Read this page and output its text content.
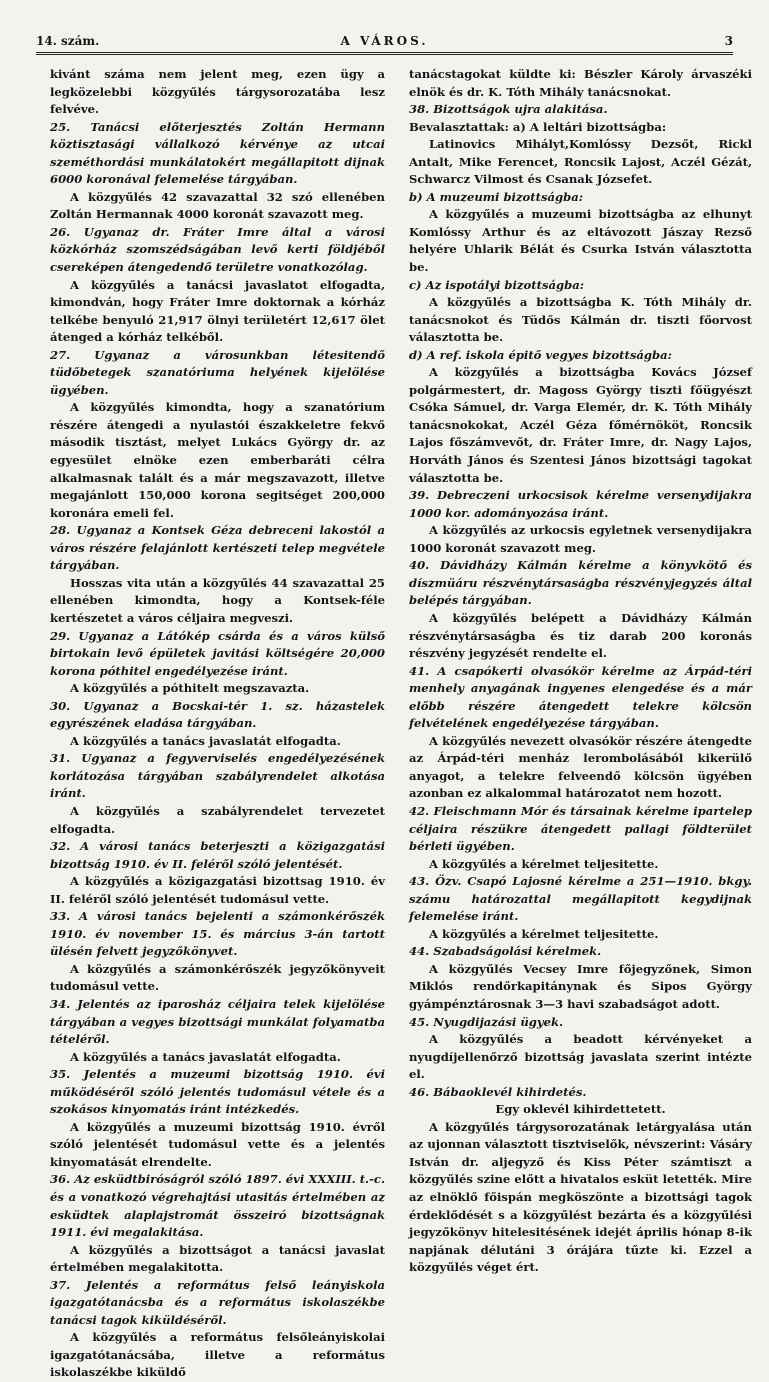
14. szám.	A VÁROS.	3

kivánt száma nem jelent meg, ezen ügy a legközelebbi közgyűlés tárgysorozatába lesz felvéve.

25. Tanácsi előterjesztés Zoltán Hermann köztisztasági vállalkozó kérvénye az utcai szeméthordási munkálatokért megállapitott dijnak 6000 koronával felemelése tárgyában.

A közgyűlés 42 szavazattal 32 szó ellenében Zoltán Hermannak 4000 koronát szavazott meg.

26. Ugyanaz dr. Fráter Imre által a városi közkórház szomszédságában levő kerti földjéből csereképen átengedendő területre vonatkozólag.

A közgyűlés a tanácsi javaslatot elfogadta, kimondván, hogy Fráter Imre doktornak a kórház telkébe benyuló 21,917 ölnyi területért 12,617 ölet átenged a kórház telkéből.

27. Ugyanaz a városunkban létesitendő tüdőbetegek szanatóriuma helyének kijelölése ügyében.

A közgyűlés kimondta, hogy a szanatórium részére átengedi a nyulastói északkeletre fekvő második tisztást, melyet Lukács György dr. az egyesület elnöke ezen emberbaráti célra alkalmasnak talált és a már megszavazott, illetve megajánlott 150,000 korona segitséget 200,000 koronára emeli fel.

28. Ugyanaz a Kontsek Géza debreceni lakostól a város részére felajánlott kertészeti telep megvétele tárgyában.

Hosszas vita után a közgyűlés 44 szavazattal 25 ellenében kimondta, hogy a Kontsek-féle kertészetet a város céljaira megveszi.

29. Ugyanaz a Látókép csárda és a város külső birtokain levő épületek javitási költségére 20,000 korona póthitel engedélyezése iránt.

A közgyűlés a póthitelt megszavazta.

30. Ugyanaz a Bocskai-tér 1. sz. házastelek egyrészének eladása tárgyában.

A közgyűlés a tanács javaslatát elfogadta.

31. Ugyanaz a fegyverviselés engedélyezésének korlátozása tárgyában szabályrendelet alkotása iránt.

A közgyűlés a szabályrendelet tervezetet elfogadta.

32. A városi tanács beterjeszti a közigazgatási bizottság 1910. év II. feléről szóló jelentését.

A közgyűlés a közigazgatási bizottsag 1910. év II. feléről szóló jelentését tudomásul vette.

33. A városi tanács bejelenti a számonkérőszék 1910. év november 15. és március 3-án tartott ülésén felvett jegyzőkönyvet.

A közgyűlés a számonkérőszék jegyzőkönyveit tudomásul vette.

34. Jelentés az iparosház céljaira telek kijelölése tárgyában a vegyes bizottsági munkálat folyamatba tételéről.

A közgyűlés a tanács javaslatát elfogadta.

35. Jelentés a muzeumi bizottság 1910. évi működéséről szóló jelentés tudomásul vétele és a szokásos kinyomatás iránt intézkedés.

A közgyűlés a muzeumi bizottság 1910. évről szóló jelentését tudomásul vette és a jelentés kinyomatását elrendelte.

36. Az esküdtbiróságról szóló 1897. évi XXXIII. t.-c. és a vonatkozó végrehajtási utasitás értelmében az esküdtek alaplajstromát összeiró bizottságnak 1911. évi megalakitása.

A közgyűlés a bizottságot a tanácsi javaslat értelmében megalakitotta.

37. Jelentés a református felső leányiskola igazgatótanácsba és a református iskolaszékbe tanácsi tagok kiküldéséről.

A közgyűlés a református felsőleányiskolai igazgatótanácsába, illetve a református iskolaszékbe kiküldő

tanácstagokat küldte ki: Bészler Károly árvaszéki elnök és dr. K. Tóth Mihály tanácsnokat.

38. Bizottságok ujra alakitása.

Bevalasztattak: a) A leltári bizottságba:

Latinovics Mihályt,Komlóssy Dezsőt, Rickl Antalt, Mike Ferencet, Roncsik Lajost, Aczél Gézát, Schwarcz Vilmost és Csanak Józsefet.

b) A muzeumi bizottságba:

A közgyűlés a muzeumi bizottságba az elhunyt Komlóssy Arthur és az eltávozott Jászay Rezső helyére Uhlarik Bélát és Csurka István választotta be.

c) Az ispotályi bizottságba:

A közgyűlés a bizottságba K. Tóth Mihály dr. tanácsnokot és Tüdős Kálmán dr. tiszti főorvost választotta be.

d) A ref. iskola épitő vegyes bizottságba:

A közgyűlés a bizottságba Kovács József polgármestert, dr. Magoss György tiszti főügyészt Csóka Sámuel, dr. Varga Elemér, dr. K. Tóth Mihály tanácsnokokat, Aczél Géza főmérnököt, Roncsik Lajos főszámvevőt, dr. Fráter Imre, dr. Nagy Lajos, Horváth János és Szentesi János bizottsági tagokat választotta be.

39. Debreczeni urkocsisok kérelme versenydijakra 1000 kor. adományozása iránt.

A közgyűlés az urkocsis egyletnek versenydijakra 1000 koronát szavazott meg.

40. Dávidházy Kálmán kérelme a könyvkötő és díszmüáru részvénytársaságba részvényjegyzés által belépés tárgyában.

A közgyűlés belépett a Dávidházy Kálmán részvénytársaságba és tiz darab 200 koronás részvény jegyzését rendelte el.

41. A csapókerti olvasókör kérelme az Árpád-téri menhely anyagának ingyenes elengedése és a már előbb részére átengedett telekre kölcsön felvételének engedélyezése tárgyában.

A közgyűlés nevezett olvasókör részére átengedte az Árpád-téri menház lerombolásából kikerülő anyagot, a telekre felveendő kölcsön ügyében azonban ez alkalommal határozatot nem hozott.

42. Fleischmann Mór és társainak kérelme ipartelep céljaira részükre átengedett pallagi földterület bérleti ügyében.

A közgyűlés a kérelmet teljesitette.

43. Özv. Csapó Lajosné kérelme a 251—1910. bkgy. számu határozattal megállapitott kegydijnak felemelése iránt.

A közgyűlés a kérelmet teljesitette.

44. Szabadságolási kérelmek.

A közgyűlés Vecsey Imre főjegyzőnek, Simon Miklós rendőrkapitánynak és Sipos György gyámpénztárosnak 3—3 havi szabadságot adott.

45. Nyugdijazási ügyek.

A közgyűlés a beadott kérvényeket a nyugdíjellenőrző bizottság javaslata szerint intézte el.

46. Bábaoklevél kihirdetés.

Egy oklevél kihirdettetett.

A közgyűlés tárgysorozatának letárgyalása után az ujonnan választott tisztviselők, névszerint: Vásáry István dr. aljegyző és Kiss Péter számtiszt a közgyűlés szine előtt a hivatalos esküt letették. Mire az elnöklő főispán megköszönte a bizottsági tagok érdeklődését s a közgyűlést bezárta és a közgyűlési jegyzőkönyv hitelesitésének idejét április hónap 8-ik napjának délutáni 3 órájára tűzte ki. Ezzel a közgyűlés véget ért.
